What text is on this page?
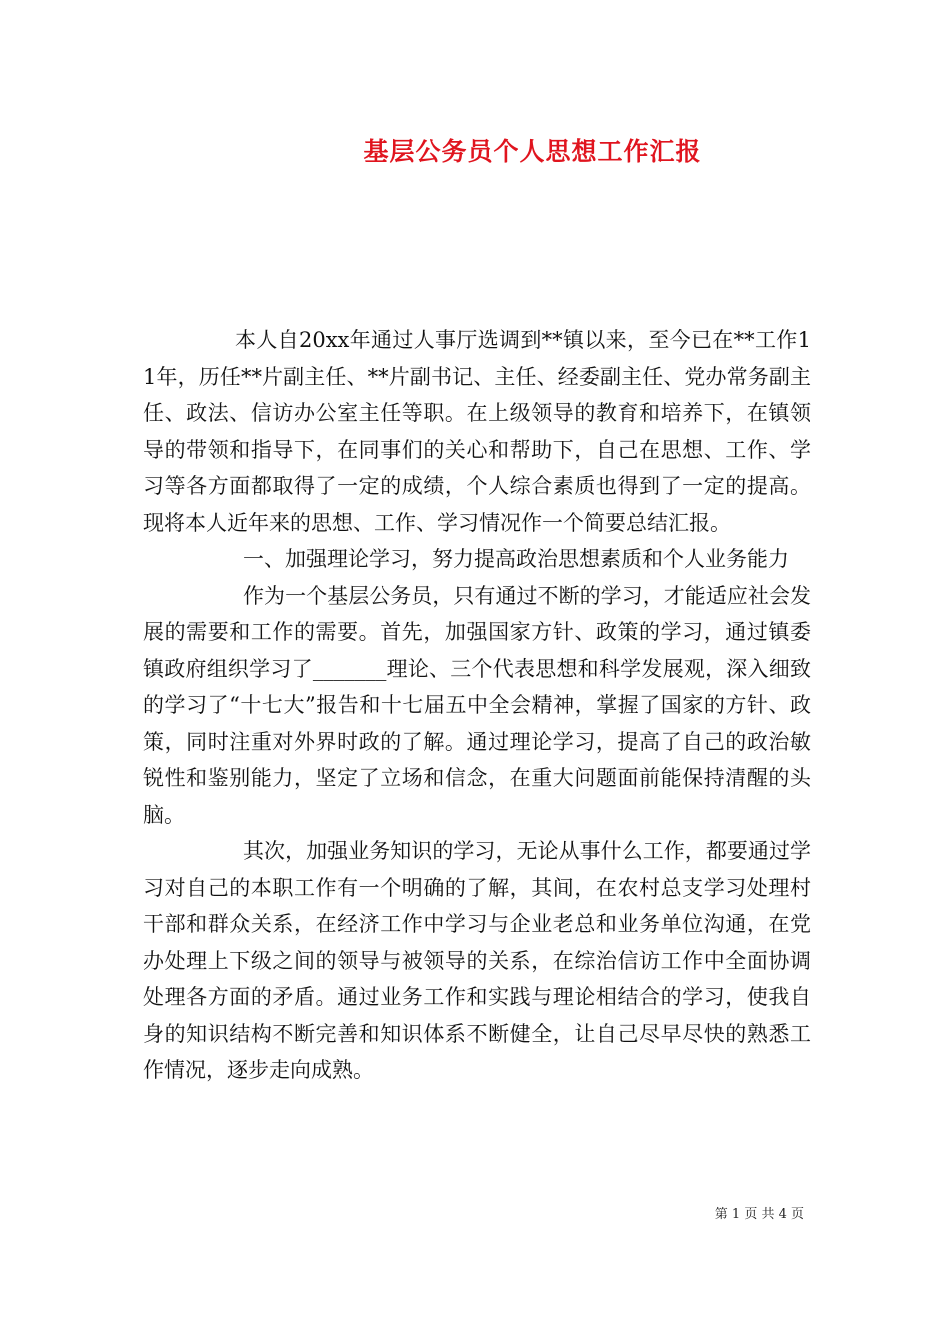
基层公务员个人思想工作汇报

本人自20xx年通过人事厅选调到**镇以来，至今已在**工作11年，历任**片副主任、**片副书记、主任、经委副主任、党办常务副主任、政法、信访办公室主任等职。在上级领导的教育和培养下，在镇领导的带领和指导下，在同事们的关心和帮助下，自己在思想、工作、学习等各方面都取得了一定的成绩，个人综合素质也得到了一定的提高。现将本人近年来的思想、工作、学习情况作一个简要总结汇报。

一、加强理论学习，努力提高政治思想素质和个人业务能力

作为一个基层公务员，只有通过不断的学习，才能适应社会发展的需要和工作的需要。首先，加强国家方针、政策的学习，通过镇委镇政府组织学习了_______理论、三个代表思想和科学发展观，深入细致的学习了“十七大”报告和十七届五中全会精神，掌握了国家的方针、政策，同时注重对外界时政的了解。通过理论学习，提高了自己的政治敏锐性和鉴别能力，坚定了立场和信念，在重大问题面前能保持清醒的头脑。

其次，加强业务知识的学习，无论从事什么工作，都要通过学习对自己的本职工作有一个明确的了解，其间，在农村总支学习处理村干部和群众关系，在经济工作中学习与企业老总和业务单位沟通，在党办处理上下级之间的领导与被领导的关系，在综治信访工作中全面协调处理各方面的矛盾。通过业务工作和实践与理论相结合的学习，使我自身的知识结构不断完善和知识体系不断健全，让自己尽早尽快的熟悉工作情况，逐步走向成熟。

第 1 页 共 4 页
